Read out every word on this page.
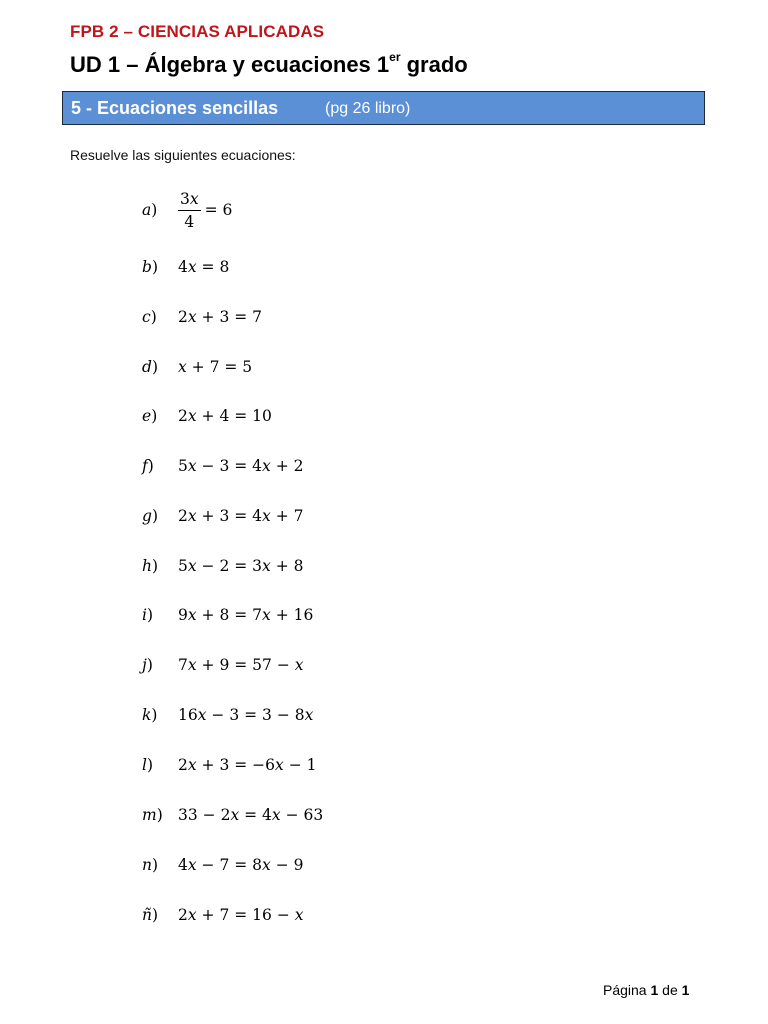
FPB 2 – CIENCIAS APLICADAS
UD 1 – Álgebra y ecuaciones 1er grado
5 - Ecuaciones sencillas	(pg 26 libro)
Resuelve las siguientes ecuaciones:
a)	$\frac{3x}{4} = 6$
b)	4x = 8
c)	2x + 3 = 7
d)	x + 7 = 5
e)	2x + 4 = 10
f)	5x − 3 = 4x + 2
g)	2x + 3 = 4x + 7
h)	5x − 2 = 3x + 8
i)	9x + 8 = 7x + 16
j)	7x + 9 = 57 − x
k)	16x − 3 = 3 − 8x
l)	2x + 3 = −6x − 1
m) 33 − 2x = 4x − 63
n)	4x − 7 = 8x − 9
ñ)	2x + 7 = 16 − x
Página 1 de 1
